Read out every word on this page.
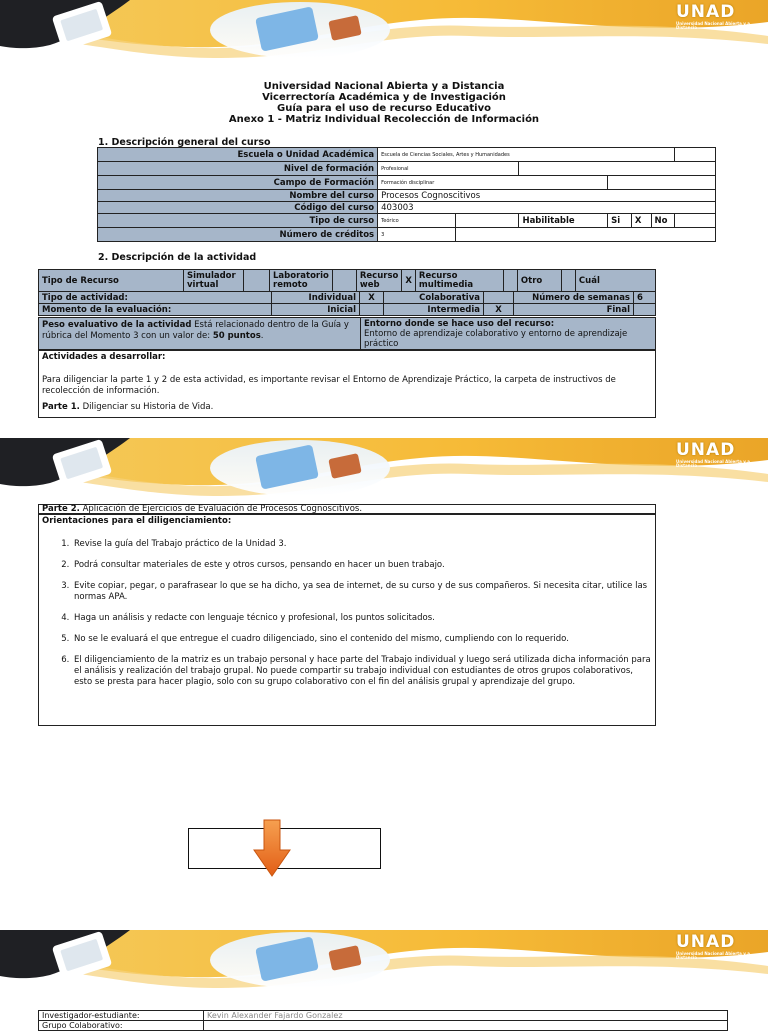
UNAD
Universidad Nacional Abierta y a Distancia
Universidad Nacional Abierta y a Distancia
Vicerrectoría Académica y de Investigación
Guía para el uso de recurso Educativo
Anexo 1 - Matriz Individual Recolección de Información
1. Descripción general del curso
Escuela o Unidad Académica	Escuela de Ciencias Sociales, Artes y Humanidades						
Nivel de formación	Profesional						
Campo de Formación	Formación disciplinar						
Nombre del curso	Procesos Cognoscitivos						
Código del curso	403003						
Tipo de curso	Teórico		Habilitable	Si	X	No	
Número de créditos	3						
2. Descripción de la actividad
Tipo de Recurso	Simulador virtual		Laboratorio remoto		Recurso web	X	Recurso multimedia		Otro		Cuál
Tipo de actividad:	Individual	X	Colaborativa		Número de semanas	6
Momento de la evaluación:	Inicial		Intermedia	X	Final	
Peso evaluativo de la actividad Está relacionado dentro de la Guía y rúbrica del Momento 3 con un valor de: 50 puntos.	Entorno donde se hace uso del recurso:
Entorno de aprendizaje colaborativo y entorno de aprendizaje práctico
Actividades a desarrollar:
Para diligenciar la parte 1 y 2 de esta actividad, es importante revisar el Entorno de Aprendizaje Práctico, la carpeta de instructivos de recolección de información.
Parte 1. Diligenciar su Historia de Vida.
UNAD
Universidad Nacional Abierta y a Distancia
Parte 2. Aplicación de Ejercicios de Evaluación de Procesos Cognoscitivos.
Orientaciones para el diligenciamiento:
1. Revise la guía del Trabajo práctico de la Unidad 3.
2. Podrá consultar materiales de este y otros cursos, pensando en hacer un buen trabajo.
3. Evite copiar, pegar, o parafrasear lo que se ha dicho, ya sea de internet, de su curso y de sus compañeros. Si necesita citar, utilice las normas APA.
4. Haga un análisis y redacte con lenguaje técnico y profesional, los puntos solicitados.
5. No se le evaluará el que entregue el cuadro diligenciado, sino el contenido del mismo, cumpliendo con lo requerido.
6. El diligenciamiento de la matriz es un trabajo personal y hace parte del Trabajo individual y luego será utilizada dicha información para el análisis y realización del trabajo grupal. No puede compartir su trabajo individual con estudiantes de otros grupos colaborativos, esto se presta para hacer plagio, solo con su grupo colaborativo con el fin del análisis grupal y aprendizaje del grupo.
UNAD
Universidad Nacional Abierta y a Distancia
Investigador-estudiante:	Kevin Alexander Fajardo Gonzalez
Grupo Colaborativo:	
